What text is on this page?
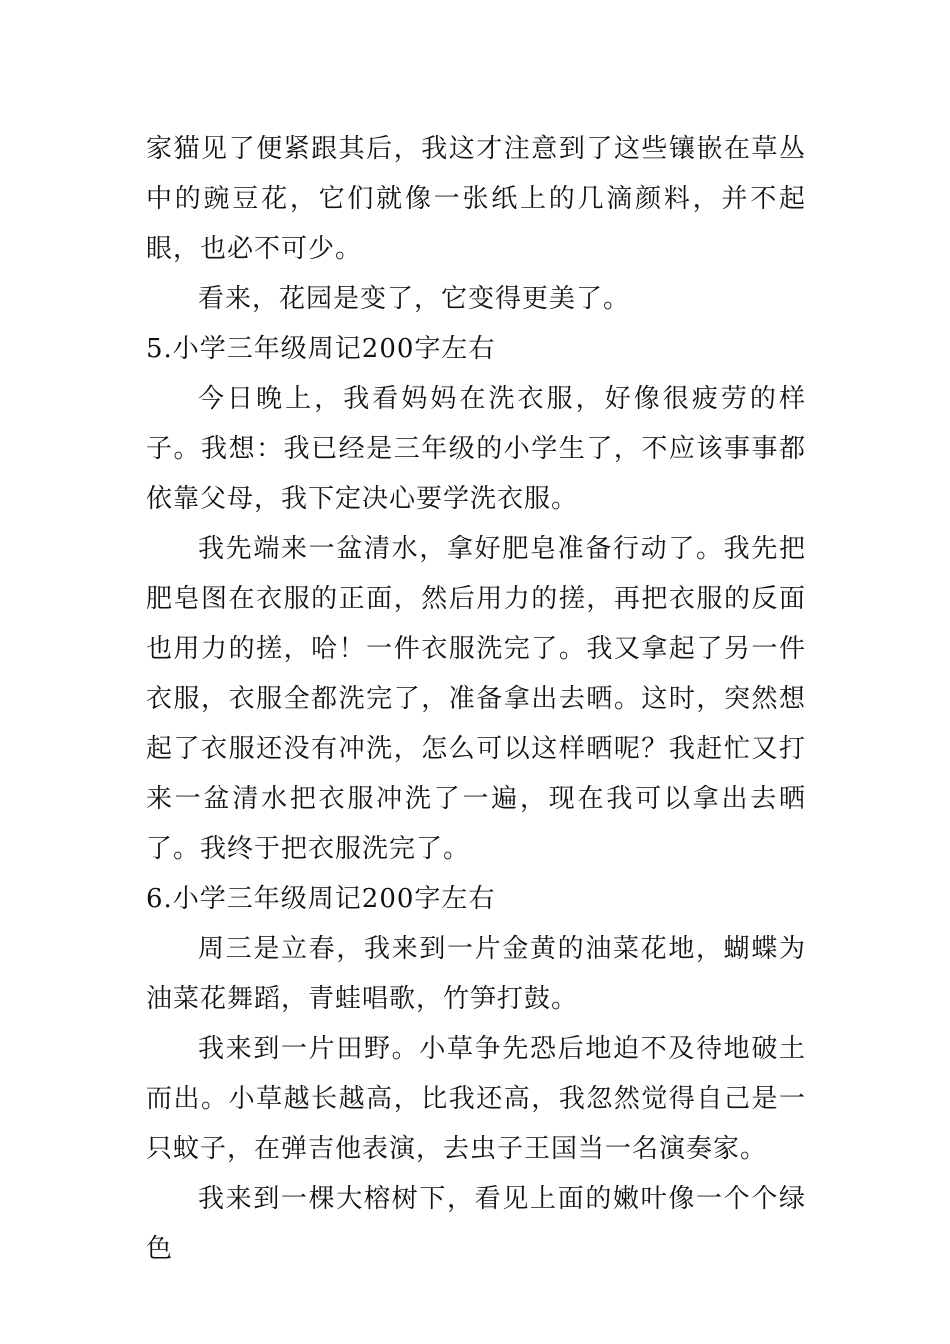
家猫见了便紧跟其后，我这才注意到了这些镶嵌在草丛中的豌豆花，它们就像一张纸上的几滴颜料，并不起眼，也必不可少。

看来，花园是变了，它变得更美了。

5.小学三年级周记200字左右

今日晚上，我看妈妈在洗衣服，好像很疲劳的样子。我想：我已经是三年级的小学生了，不应该事事都依靠父母，我下定决心要学洗衣服。

我先端来一盆清水，拿好肥皂准备行动了。我先把肥皂图在衣服的正面，然后用力的搓，再把衣服的反面也用力的搓，哈！一件衣服洗完了。我又拿起了另一件衣服，衣服全都洗完了，准备拿出去晒。这时，突然想起了衣服还没有冲洗，怎么可以这样晒呢？我赶忙又打来一盆清水把衣服冲洗了一遍，现在我可以拿出去晒了。我终于把衣服洗完了。

6.小学三年级周记200字左右

周三是立春，我来到一片金黄的油菜花地，蝴蝶为油菜花舞蹈，青蛙唱歌，竹笋打鼓。

我来到一片田野。小草争先恐后地迫不及待地破土而出。小草越长越高，比我还高，我忽然觉得自己是一只蚊子，在弹吉他表演，去虫子王国当一名演奏家。

我来到一棵大榕树下，看见上面的嫩叶像一个个绿色
